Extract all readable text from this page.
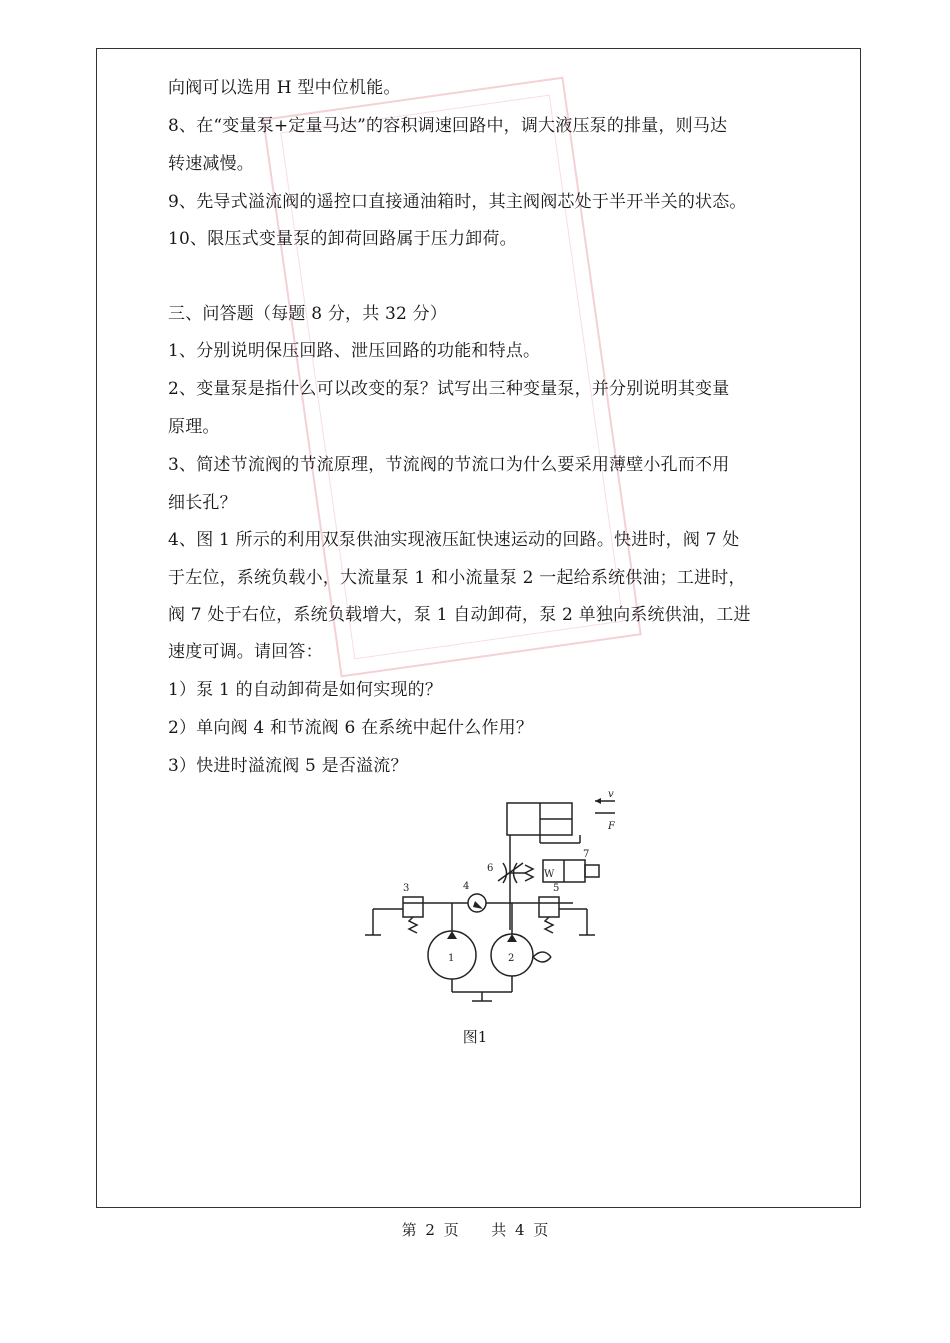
向阀可以选用 H 型中位机能。
8、在“变量泵+定量马达”的容积调速回路中，调大液压泵的排量，则马达
转速减慢。
9、先导式溢流阀的遥控口直接通油箱时，其主阀阀芯处于半开半关的状态。
10、限压式变量泵的卸荷回路属于压力卸荷。
三、问答题（每题 8 分，共 32 分）
1、分别说明保压回路、泄压回路的功能和特点。
2、变量泵是指什么可以改变的泵？试写出三种变量泵，并分别说明其变量
原理。
3、简述节流阀的节流原理，节流阀的节流口为什么要采用薄壁小孔而不用
细长孔？
4、图 1 所示的利用双泵供油实现液压缸快速运动的回路。快进时，阀 7 处
于左位，系统负载小，大流量泵 1 和小流量泵 2 一起给系统供油；工进时，
阀 7 处于右位，系统负载增大，泵 1 自动卸荷，泵 2 单独向系统供油，工进
速度可调。请回答：
1）泵 1 的自动卸荷是如何实现的？
2）单向阀 4 和节流阀 6 在系统中起什么作用？
3）快进时溢流阀 5 是否溢流？
v
F
6
7
3	4	5
1	2
W
图1
第 2 页 　 共 4 页
